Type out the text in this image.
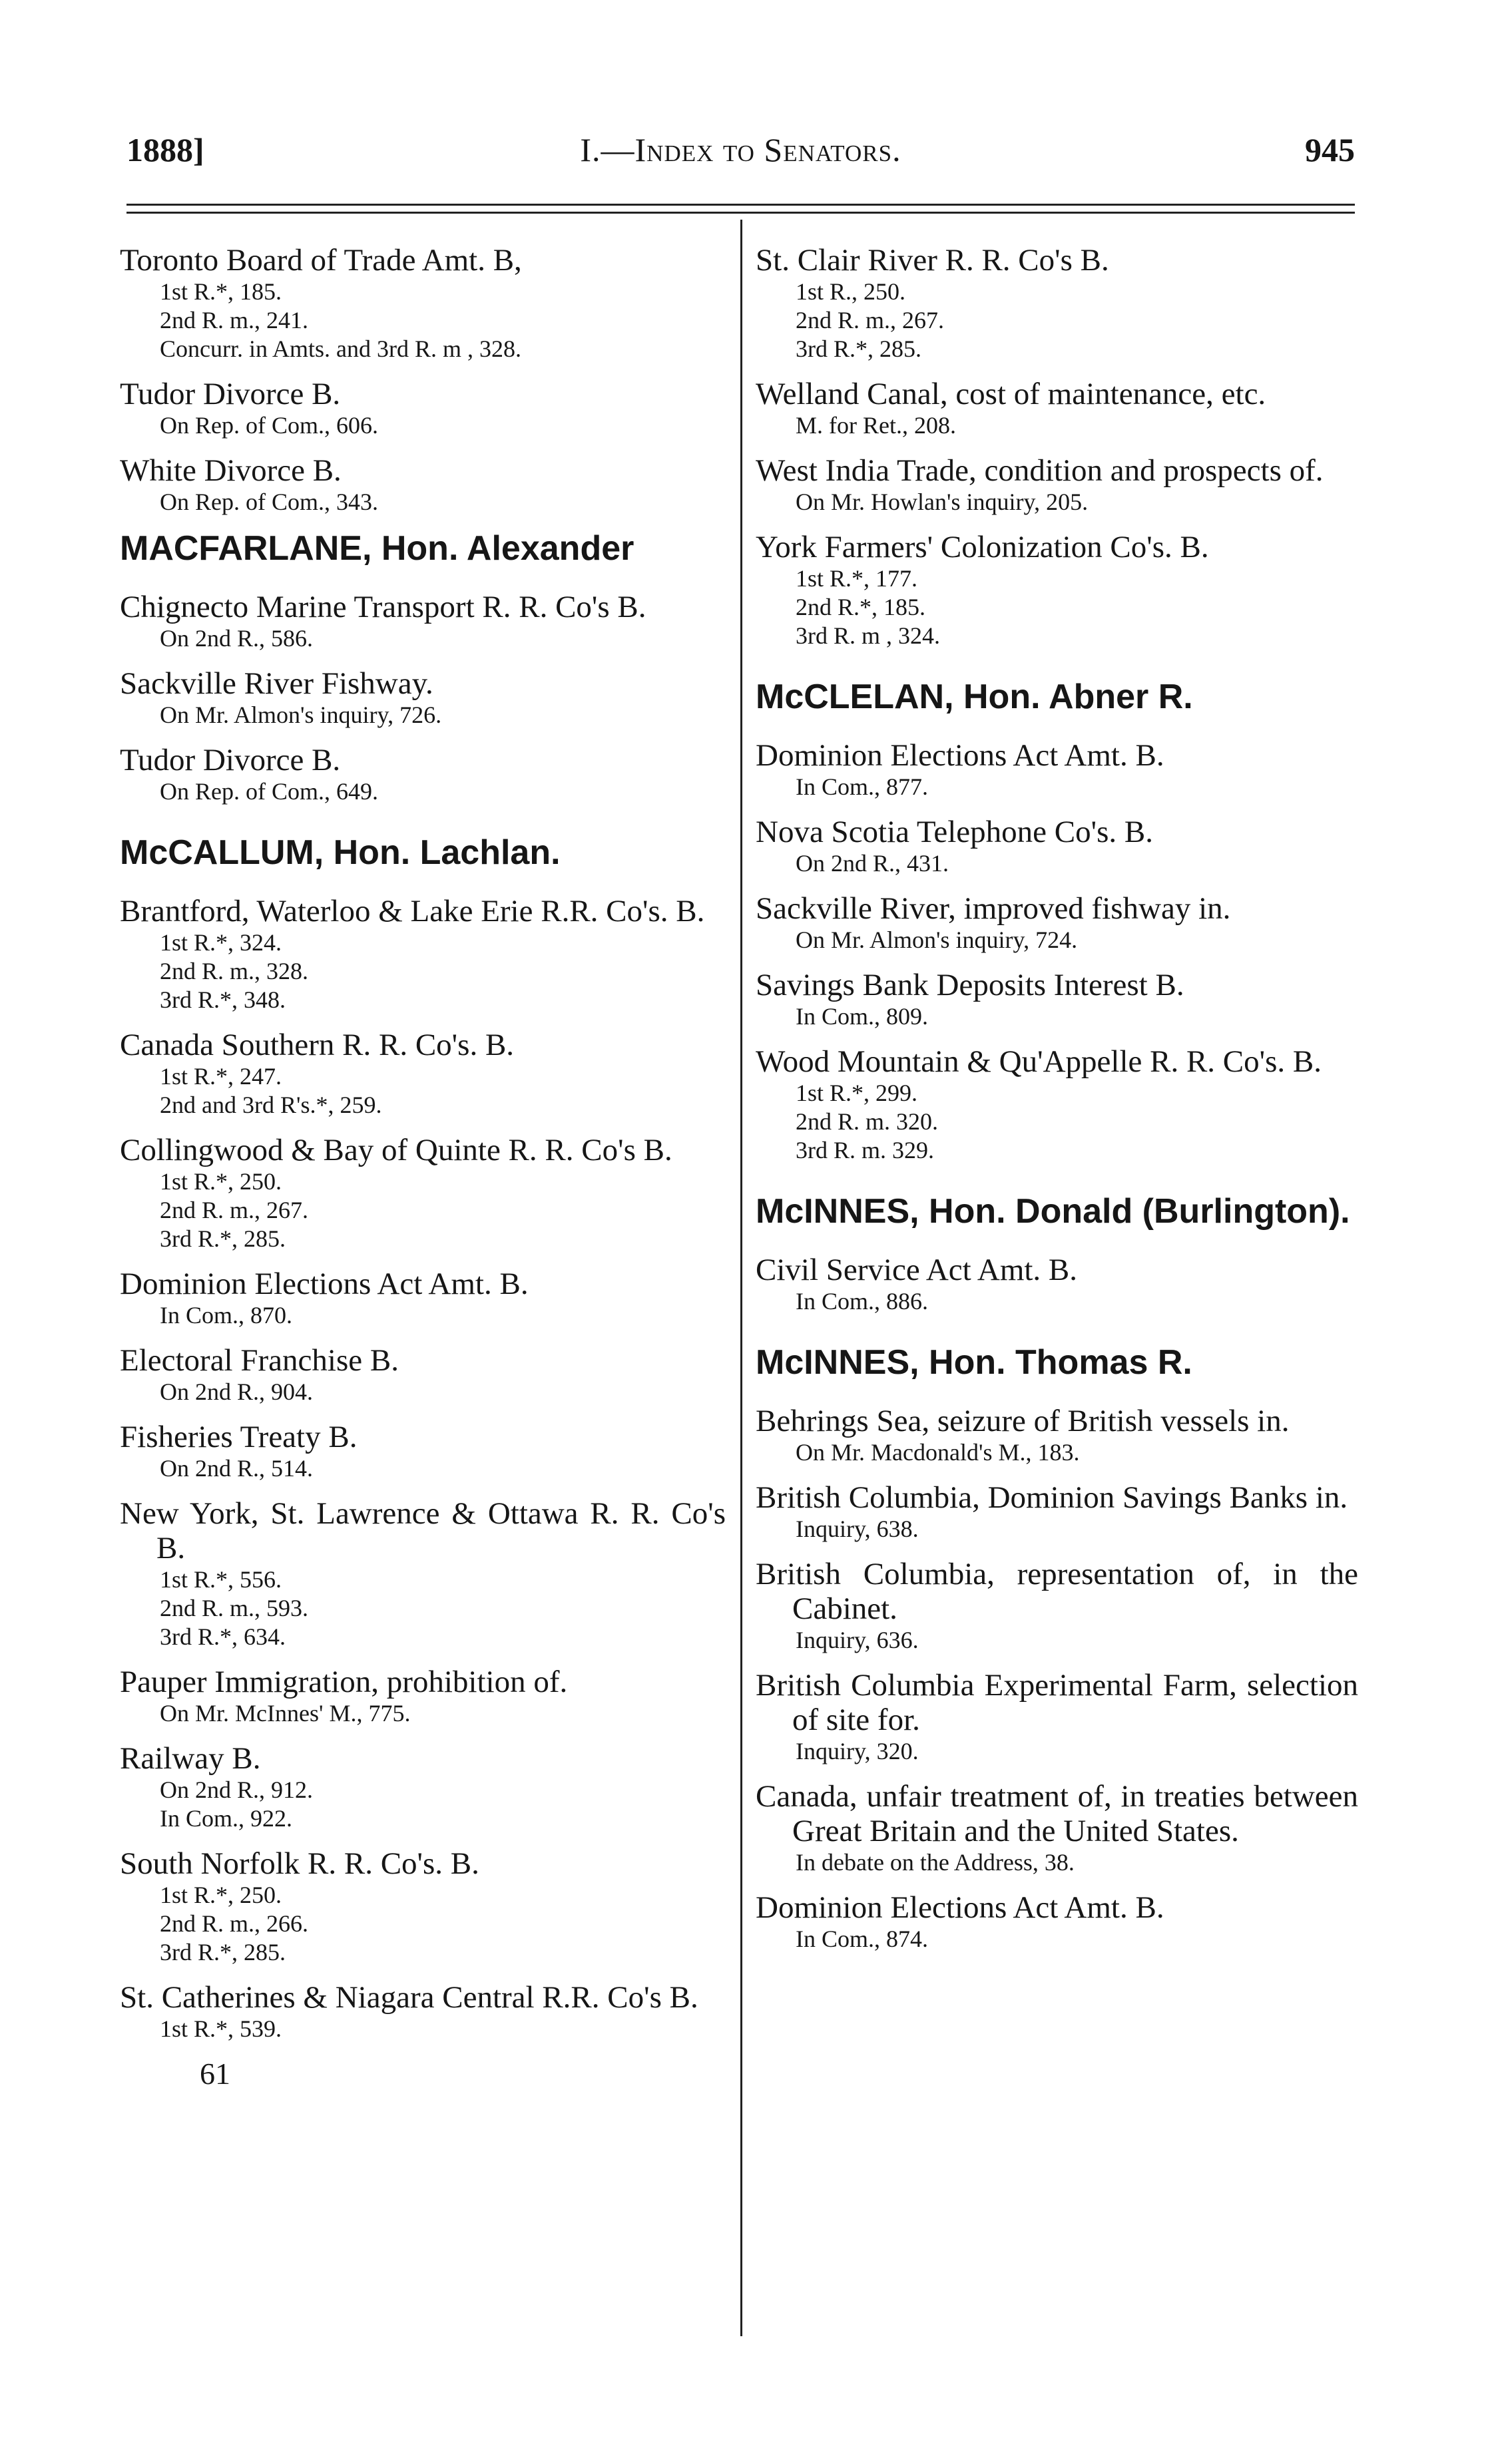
1888]	I.—Index to Senators.	945
Toronto Board of Trade Amt. B,
1st R.*, 185.
2nd R. m., 241.
Concurr. in Amts. and 3rd R. m , 328.
Tudor Divorce B.
On Rep. of Com., 606.
White Divorce B.
On Rep. of Com., 343.
MACFARLANE, Hon. Alexander
Chignecto Marine Transport R. R. Co's B.
On 2nd R., 586.
Sackville River Fishway.
On Mr. Almon's inquiry, 726.
Tudor Divorce B.
On Rep. of Com., 649.
McCALLUM, Hon. Lachlan.
Brantford, Waterloo & Lake Erie R.R. Co's. B.
1st R.*, 324.
2nd R. m., 328.
3rd R.*, 348.
Canada Southern R. R. Co's. B.
1st R.*, 247.
2nd and 3rd R's.*, 259.
Collingwood & Bay of Quinte R. R. Co's B.
1st R.*, 250.
2nd R. m., 267.
3rd R.*, 285.
Dominion Elections Act Amt. B.
In Com., 870.
Electoral Franchise B.
On 2nd R., 904.
Fisheries Treaty B.
On 2nd R., 514.
New York, St. Lawrence & Ottawa R. R. Co's B.
1st R.*, 556.
2nd R. m., 593.
3rd R.*, 634.
Pauper Immigration, prohibition of.
On Mr. McInnes' M., 775.
Railway B.
On 2nd R., 912.
In Com., 922.
South Norfolk R. R. Co's. B.
1st R.*, 250.
2nd R. m., 266.
3rd R.*, 285.
St. Catherines & Niagara Central R.R. Co's B.
1st R.*, 539.
61
St. Clair River R. R. Co's B.
1st R., 250.
2nd R. m., 267.
3rd R.*, 285.
Welland Canal, cost of maintenance, etc.
M. for Ret., 208.
West India Trade, condition and prospects of.
On Mr. Howlan's inquiry, 205.
York Farmers' Colonization Co's. B.
1st R.*, 177.
2nd R.*, 185.
3rd R. m , 324.
McCLELAN, Hon. Abner R.
Dominion Elections Act Amt. B.
In Com., 877.
Nova Scotia Telephone Co's. B.
On 2nd R., 431.
Sackville River, improved fishway in.
On Mr. Almon's inquiry, 724.
Savings Bank Deposits Interest B.
In Com., 809.
Wood Mountain & Qu'Appelle R. R. Co's. B.
1st R.*, 299.
2nd R. m. 320.
3rd R. m. 329.
McINNES, Hon. Donald (Burlington).
Civil Service Act Amt. B.
In Com., 886.
McINNES, Hon. Thomas R.
Behrings Sea, seizure of British vessels in.
On Mr. Macdonald's M., 183.
British Columbia, Dominion Savings Banks in.
Inquiry, 638.
British Columbia, representation of, in the Cabinet.
Inquiry, 636.
British Columbia Experimental Farm, selection of site for.
Inquiry, 320.
Canada, unfair treatment of, in treaties between Great Britain and the United States.
In debate on the Address, 38.
Dominion Elections Act Amt. B.
In Com., 874.
